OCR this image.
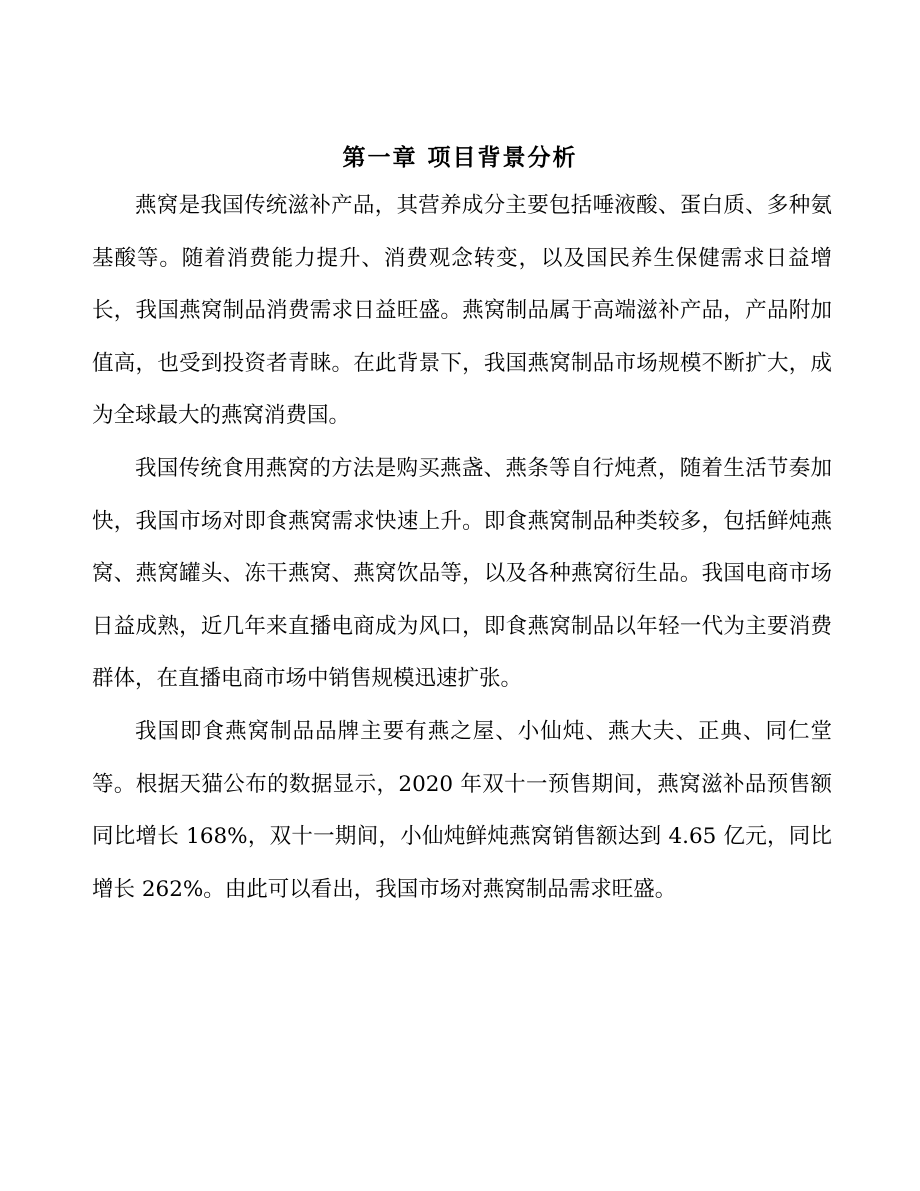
第一章 项目背景分析

燕窝是我国传统滋补产品，其营养成分主要包括唾液酸、蛋白质、多种氨基酸等。随着消费能力提升、消费观念转变，以及国民养生保健需求日益增长，我国燕窝制品消费需求日益旺盛。燕窝制品属于高端滋补产品，产品附加值高，也受到投资者青睐。在此背景下，我国燕窝制品市场规模不断扩大，成为全球最大的燕窝消费国。

我国传统食用燕窝的方法是购买燕盏、燕条等自行炖煮，随着生活节奏加快，我国市场对即食燕窝需求快速上升。即食燕窝制品种类较多，包括鲜炖燕窝、燕窝罐头、冻干燕窝、燕窝饮品等，以及各种燕窝衍生品。我国电商市场日益成熟，近几年来直播电商成为风口，即食燕窝制品以年轻一代为主要消费群体，在直播电商市场中销售规模迅速扩张。

我国即食燕窝制品品牌主要有燕之屋、小仙炖、燕大夫、正典、同仁堂等。根据天猫公布的数据显示，2020 年双十一预售期间，燕窝滋补品预售额同比增长 168%，双十一期间，小仙炖鲜炖燕窝销售额达到 4.65 亿元，同比增长 262%。由此可以看出，我国市场对燕窝制品需求旺盛。
